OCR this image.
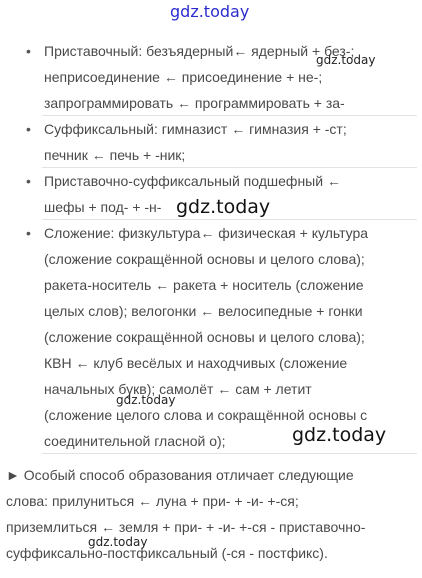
gdz.today
• Приставочный: безъядерный← ядерный + без-;
неприсоединение ← присоединение + не-;
запрограммировать ← программировать + за-
• Суффиксальный: гимназист ← гимназия + -ст;
печник ← печь + -ник;
• Приставочно-суффиксальный подшефный ←
шефы + под- + -н-
• Сложение: физкультура← физическая + культура
(сложение сокращённой основы и целого слова);
ракета-носитель ← ракета + носитель (сложение
целых слов); велогонки ← велосипедные + гонки
(сложение сокращённой основы и целого слова);
КВН ← клуб весёлых и находчивых (сложение
начальных букв); самолёт ← сам + летит
(сложение целого слова и сокращённой основы с
соединительной гласной о);
► Особый способ образования отличает следующие
слова: прилуниться ← луна + при- + -и- +-ся;
приземлиться ← земля + при- + -и- +-ся - приставочно-
суффиксально-постфиксальный (-ся - постфикс).
gdz.today
gdz.today
gdz.today
gdz.today
gdz.today
